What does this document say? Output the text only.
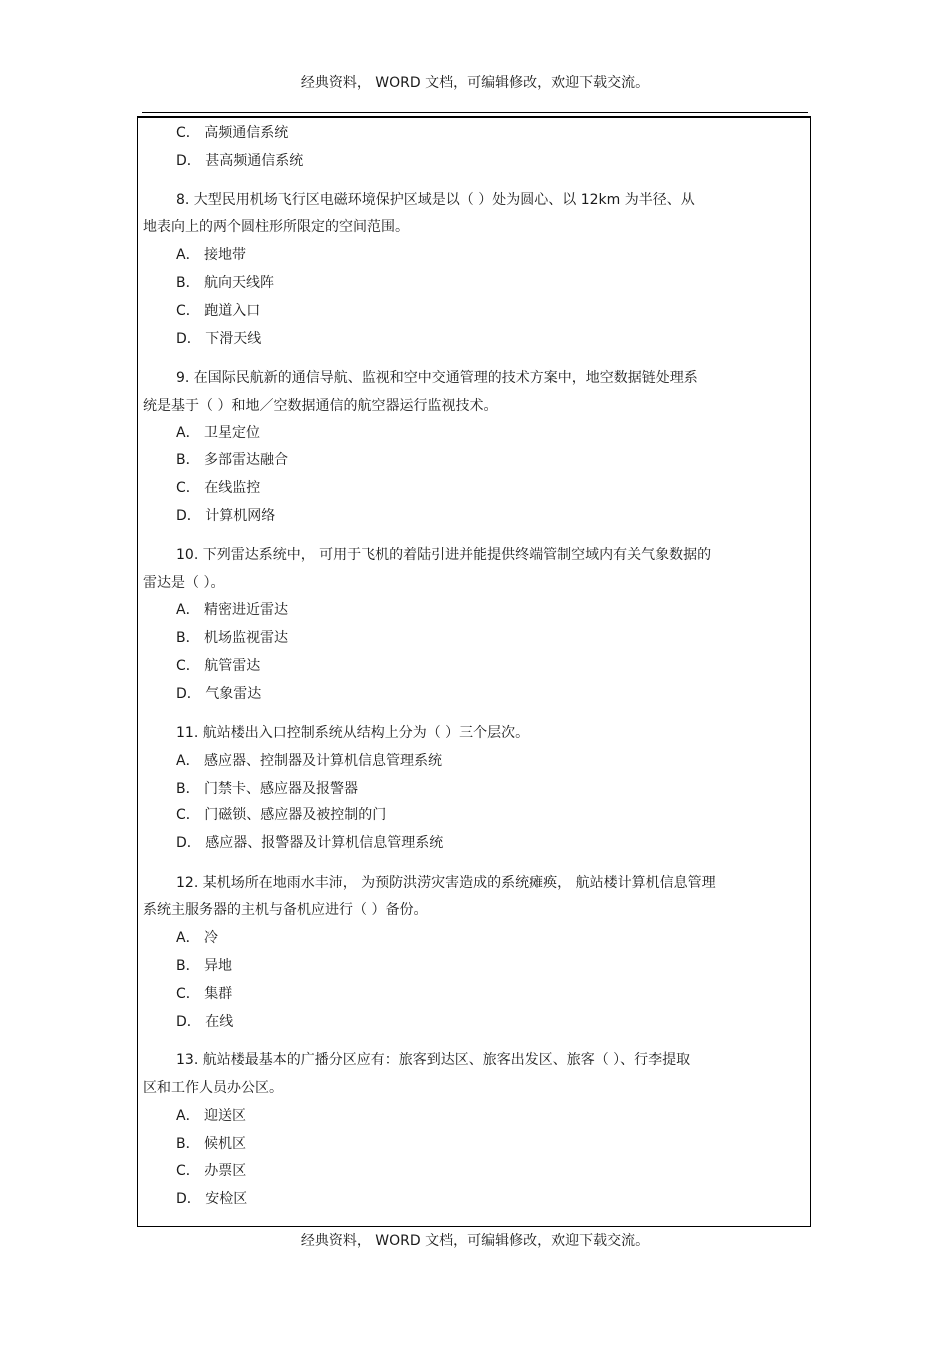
经典资料， WORD 文档，可编辑修改，欢迎下载交流。
C． 高频通信系统
D． 甚高频通信系统
8. 大型民用机场飞行区电磁环境保护区域是以（ ）处为圆心、以 12km 为半径、从
地表向上的两个圆柱形所限定的空间范围。
A． 接地带
B． 航向天线阵
C． 跑道入口
D． 下滑天线
9. 在国际民航新的通信导航、监视和空中交通管理的技术方案中，地空数据链处理系
统是基于（ ）和地／空数据通信的航空器运行监视技术。
A． 卫星定位
B． 多部雷达融合
C． 在线监控
D． 计算机网络
10. 下列雷达系统中， 可用于飞机的着陆引进并能提供终端管制空域内有关气象数据的
雷达是（ ）。
A． 精密进近雷达
B． 机场监视雷达
C． 航管雷达
D． 气象雷达
11. 航站楼出入口控制系统从结构上分为（ ）三个层次。
A． 感应器、控制器及计算机信息管理系统
B． 门禁卡、感应器及报警器
C． 门磁锁、感应器及被控制的门
D． 感应器、报警器及计算机信息管理系统
12. 某机场所在地雨水丰沛， 为预防洪涝灾害造成的系统瘫痪， 航站楼计算机信息管理
系统主服务器的主机与备机应进行（ ）备份。
A． 冷
B． 异地
C． 集群
D． 在线
13. 航站楼最基本的广播分区应有：旅客到达区、旅客出发区、旅客（ ）、行李提取
区和工作人员办公区。
A． 迎送区
B． 候机区
C． 办票区
D． 安检区
经典资料， WORD 文档，可编辑修改，欢迎下载交流。
